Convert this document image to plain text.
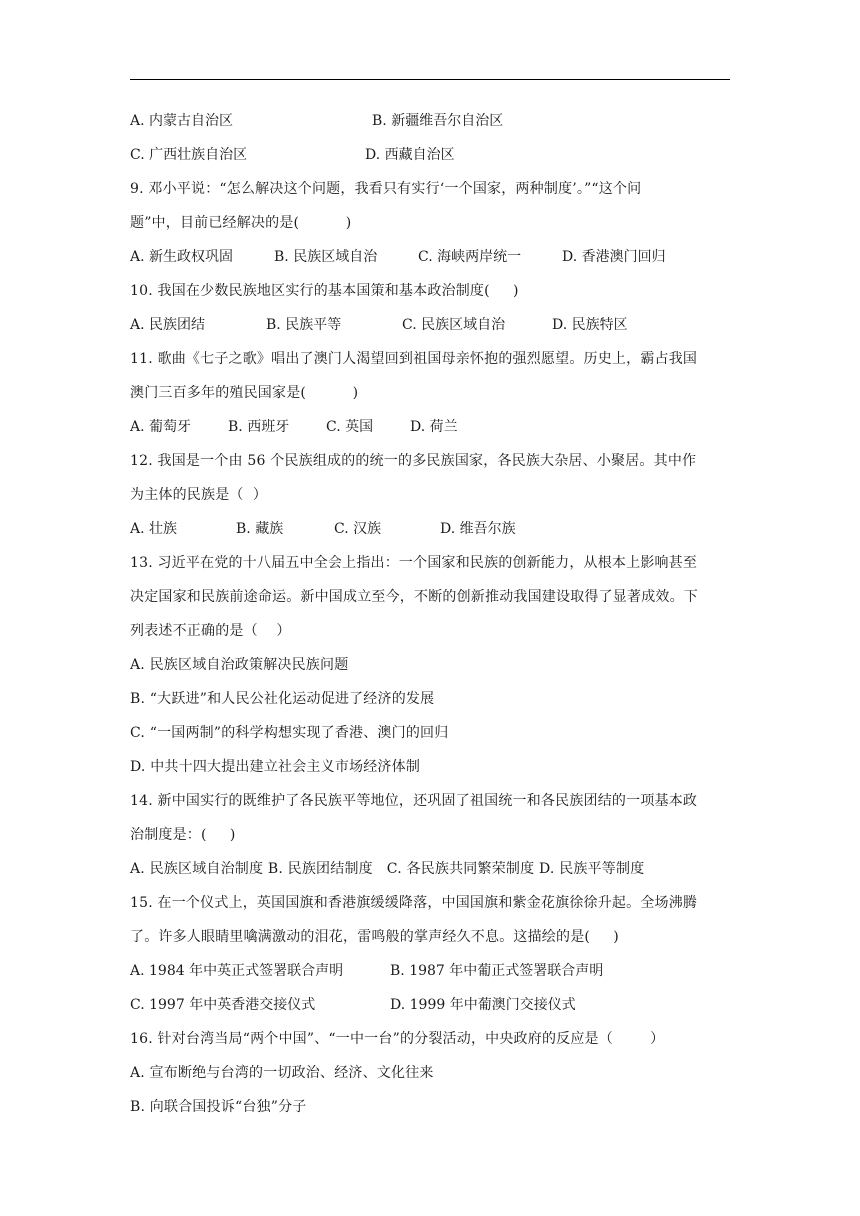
A. 内蒙古自治区	B. 新疆维吾尔自治区
C. 广西壮族自治区	D. 西藏自治区
9. 邓小平说：“怎么解决这个问题，我看只有实行‘一个国家，两种制度’。”“这个问
题”中，目前已经解决的是(          )
A. 新生政权巩固	B. 民族区域自治	C. 海峡两岸统一	D. 香港澳门回归
10. 我国在少数民族地区实行的基本国策和基本政治制度(     )
A. 民族团结	B. 民族平等	C. 民族区域自治	D. 民族特区
11. 歌曲《七子之歌》唱出了澳门人渴望回到祖国母亲怀抱的强烈愿望。历史上，霸占我国
澳门三百多年的殖民国家是(          )
A. 葡萄牙	B. 西班牙	C. 英国	D. 荷兰
12. 我国是一个由 56 个民族组成的的统一的多民族国家，各民族大杂居、小聚居。其中作
为主体的民族是（  ）
A. 壮族	B. 藏族	C. 汉族	D. 维吾尔族
13. 习近平在党的十八届五中全会上指出：一个国家和民族的创新能力，从根本上影响甚至
决定国家和民族前途命运。新中国成立至今，不断的创新推动我国建设取得了显著成效。下
列表述不正确的是（    ）
A. 民族区域自治政策解决民族问题
B. “大跃进”和人民公社化运动促进了经济的发展
C. “一国两制”的科学构想实现了香港、澳门的回归
D. 中共十四大提出建立社会主义市场经济体制
14. 新中国实行的既维护了各民族平等地位，还巩固了祖国统一和各民族团结的一项基本政
治制度是：(     )
A. 民族区域自治制度 B. 民族团结制度   C. 各民族共同繁荣制度 D. 民族平等制度
15. 在一个仪式上，英国国旗和香港旗缓缓降落，中国国旗和紫金花旗徐徐升起。全场沸腾
了。许多人眼睛里噙满激动的泪花，雷鸣般的掌声经久不息。这描绘的是(     )
A. 1984 年中英正式签署联合声明	B. 1987 年中葡正式签署联合声明
C. 1997 年中英香港交接仪式	D. 1999 年中葡澳门交接仪式
16. 针对台湾当局“两个中国”、“一中一台”的分裂活动，中央政府的反应是（        ）
A. 宣布断绝与台湾的一切政治、经济、文化往来
B. 向联合国投诉“台独”分子
